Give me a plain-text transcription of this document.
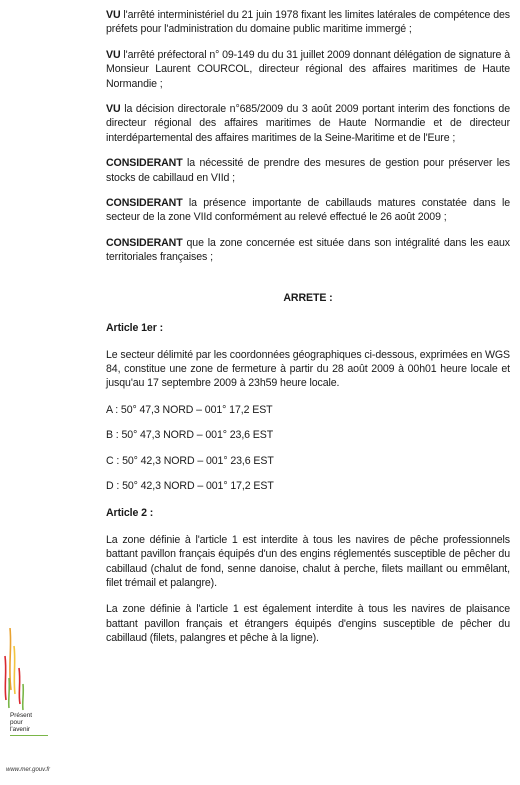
VU l'arrêté interministériel du 21 juin 1978 fixant les limites latérales de compétence des préfets pour l'administration du domaine public maritime immergé ;

VU l'arrêté préfectoral n° 09-149 du du 31 juillet 2009 donnant délégation de signature à Monsieur Laurent COURCOL, directeur régional des affaires maritimes de Haute Normandie ;

VU la décision directorale n°685/2009 du 3 août 2009 portant interim des fonctions de directeur régional des affaires maritimes de Haute Normandie et de directeur interdépartemental des affaires maritimes de la Seine-Maritime et de l'Eure ;

CONSIDERANT la nécessité de prendre des mesures de gestion pour préserver les stocks de cabillaud en VIId ;

CONSIDERANT la présence importante de cabillauds matures constatée dans le secteur de la zone VIId conformément au relevé effectué le 26 août 2009 ;

CONSIDERANT que la zone concernée est située dans son intégralité dans les eaux territoriales françaises ;

ARRETE :
Article 1er :

Le secteur délimité par les coordonnées géographiques ci-dessous, exprimées en WGS 84, constitue une zone de fermeture à partir du 28 août 2009 à 00h01 heure locale et jusqu'au 17 septembre 2009 à 23h59 heure locale.

A : 50° 47,3 NORD – 001° 17,2 EST

B : 50° 47,3 NORD – 001° 23,6 EST

C : 50° 42,3 NORD – 001° 23,6 EST

D : 50° 42,3 NORD – 001° 17,2 EST

Article 2 :

La zone définie à l'article 1 est interdite à tous les navires de pêche professionnels battant pavillon français équipés d'un des engins réglementés susceptible de pêcher du cabillaud (chalut de fond, senne danoise, chalut à perche, filets maillant ou emmêlant, filet trémail et palangre).

La zone définie à l'article 1 est également interdite à tous les navires de plaisance battant pavillon français et étrangers équipés d'engins susceptible de pêcher du cabillaud (filets, palangres et pêche à la ligne).

Présent
pour
l'avenir
www.mer.gouv.fr
